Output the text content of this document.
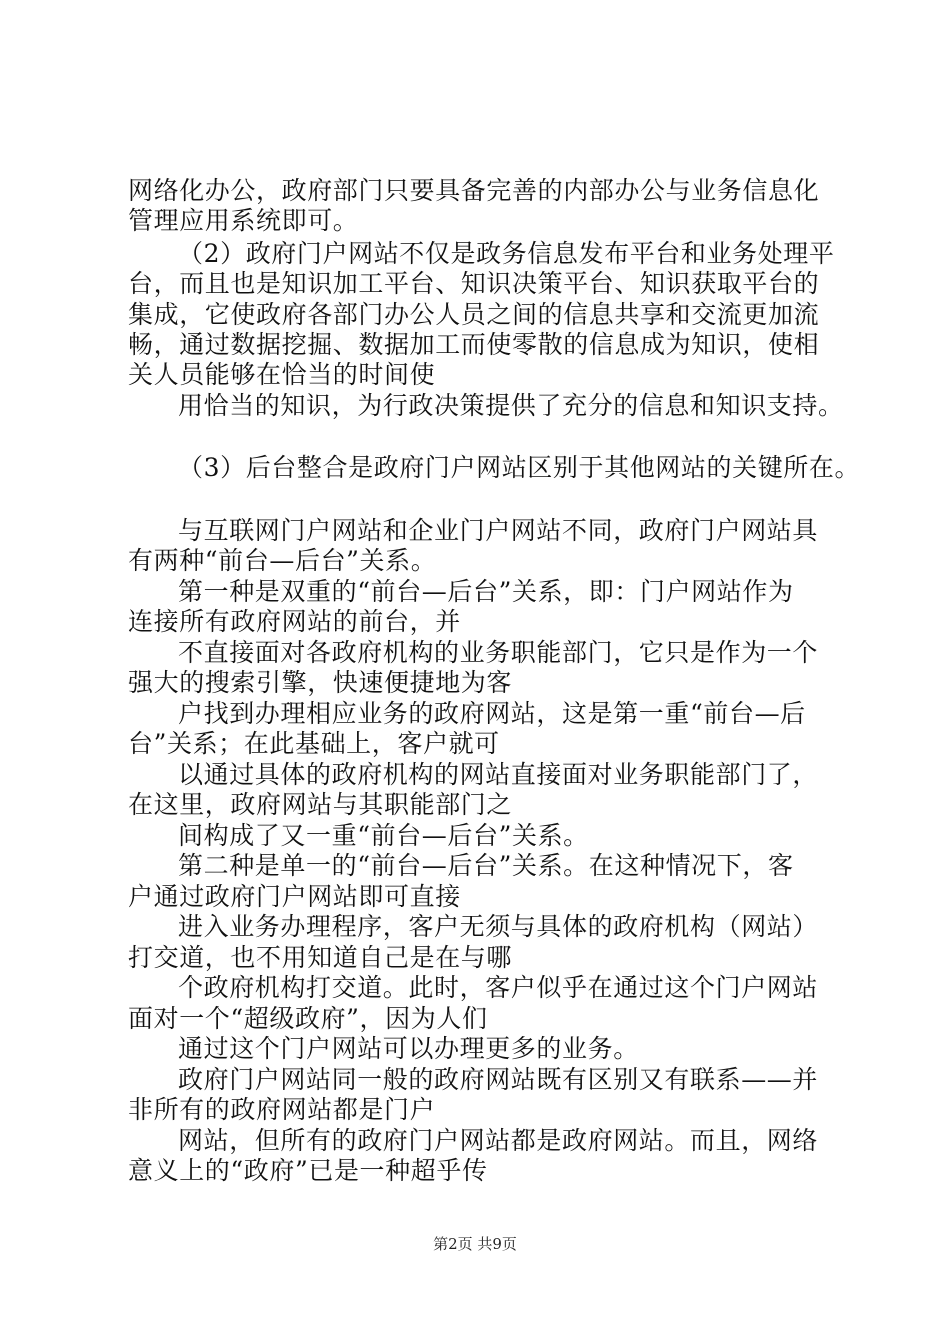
网络化办公，政府部门只要具备完善的内部办公与业务信息化
管理应用系统即可。
（2）政府门户网站不仅是政务信息发布平台和业务处理平
台，而且也是知识加工平台、知识决策平台、知识获取平台的
集成，它使政府各部门办公人员之间的信息共享和交流更加流
畅，通过数据挖掘、数据加工而使零散的信息成为知识，使相
关人员能够在恰当的时间使
用恰当的知识，为行政决策提供了充分的信息和知识支持。
（3）后台整合是政府门户网站区别于其他网站的关键所在。
与互联网门户网站和企业门户网站不同，政府门户网站具
有两种“前台—后台”关系。
第一种是双重的“前台—后台”关系，即：门户网站作为
连接所有政府网站的前台，并
不直接面对各政府机构的业务职能部门，它只是作为一个
强大的搜索引擎，快速便捷地为客
户找到办理相应业务的政府网站，这是第一重“前台—后
台”关系；在此基础上，客户就可
以通过具体的政府机构的网站直接面对业务职能部门了，
在这里，政府网站与其职能部门之
间构成了又一重“前台—后台”关系。
第二种是单一的“前台—后台”关系。在这种情况下，客
户通过政府门户网站即可直接
进入业务办理程序，客户无须与具体的政府机构（网站）
打交道，也不用知道自己是在与哪
个政府机构打交道。此时，客户似乎在通过这个门户网站
面对一个“超级政府”，因为人们
通过这个门户网站可以办理更多的业务。
政府门户网站同一般的政府网站既有区别又有联系——并
非所有的政府网站都是门户
网站，但所有的政府门户网站都是政府网站。而且，网络
意义上的“政府”已是一种超乎传
第2页 共9页
